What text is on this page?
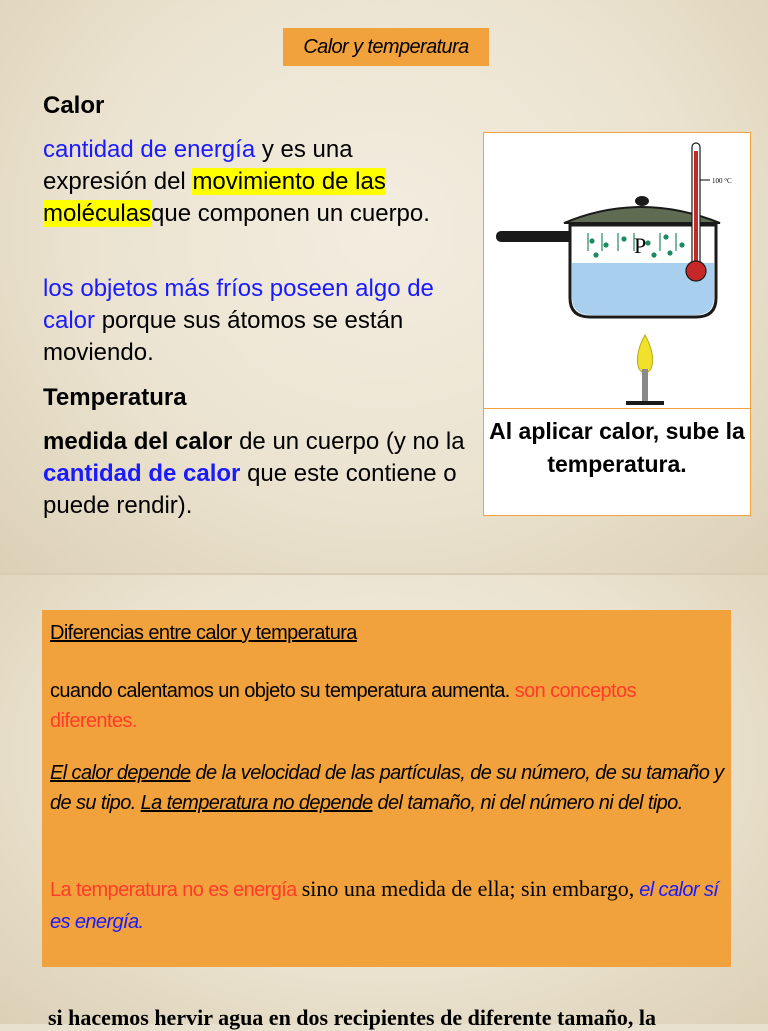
Calor y temperatura
Calor
cantidad de energía y es una expresión del movimiento de las moléculasque componen un cuerpo.
los objetos más fríos poseen algo de calor porque sus átomos se están moviendo.
Temperatura
medida del calor de un cuerpo (y no la cantidad de calor que este contiene o puede rendir).
P
100 °C
Al aplicar calor, sube la temperatura.
Diferencias entre calor y temperatura
cuando calentamos un objeto su temperatura aumenta. son conceptos diferentes.
El calor depende de la velocidad de las partículas, de su número, de su tamaño y de su tipo. La temperatura no depende del tamaño, ni del número ni del tipo.
La temperatura no es energía sino una medida de ella; sin embargo, el calor sí es energía.
si hacemos hervir agua en dos recipientes de diferente tamaño, la
